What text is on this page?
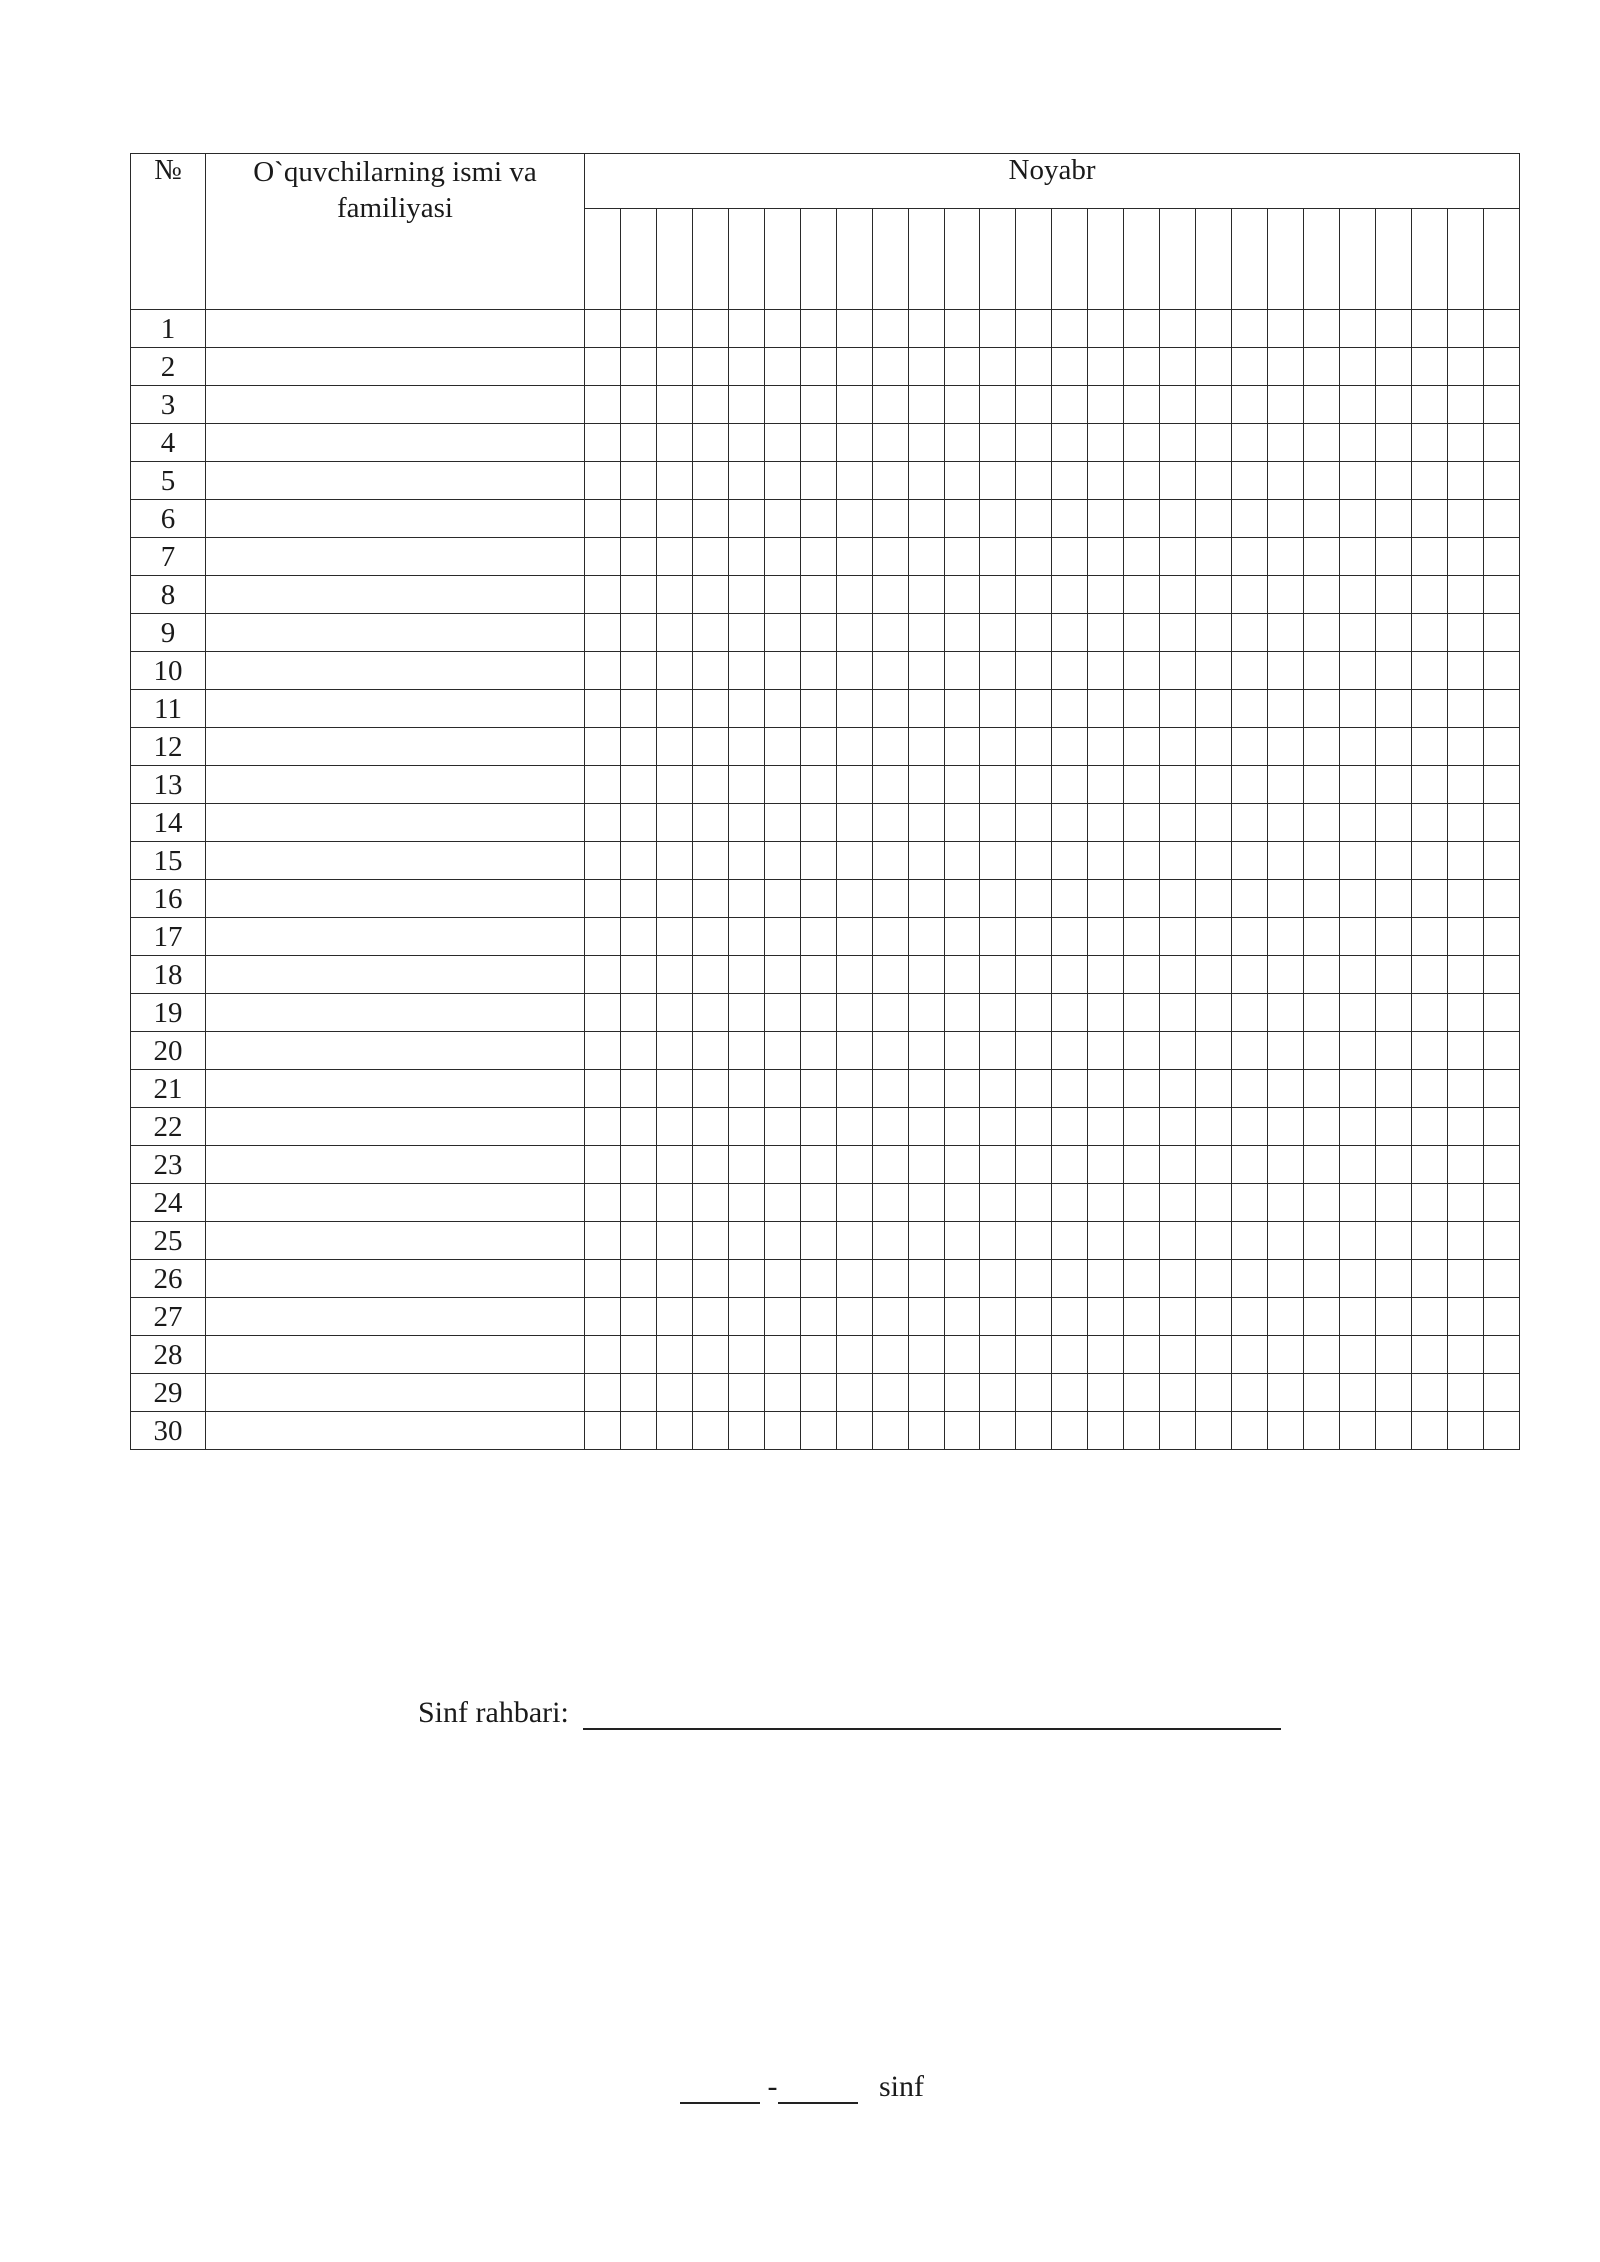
№	O`quvchilarning ismi va familiyasi	Noyabr																									

1																											
2																											
3																											
4																											
5																											
6																											
7																											
8																											
9																											
10																											
11																											
12																											
13																											
14																											
15																											
16																											
17																											
18																											
19																											
20																											
21																											
22																											
23																											
24																											
25																											
26																											
27																											
28																											
29																											
30																											
Sinf rahbari:
-	sinf
